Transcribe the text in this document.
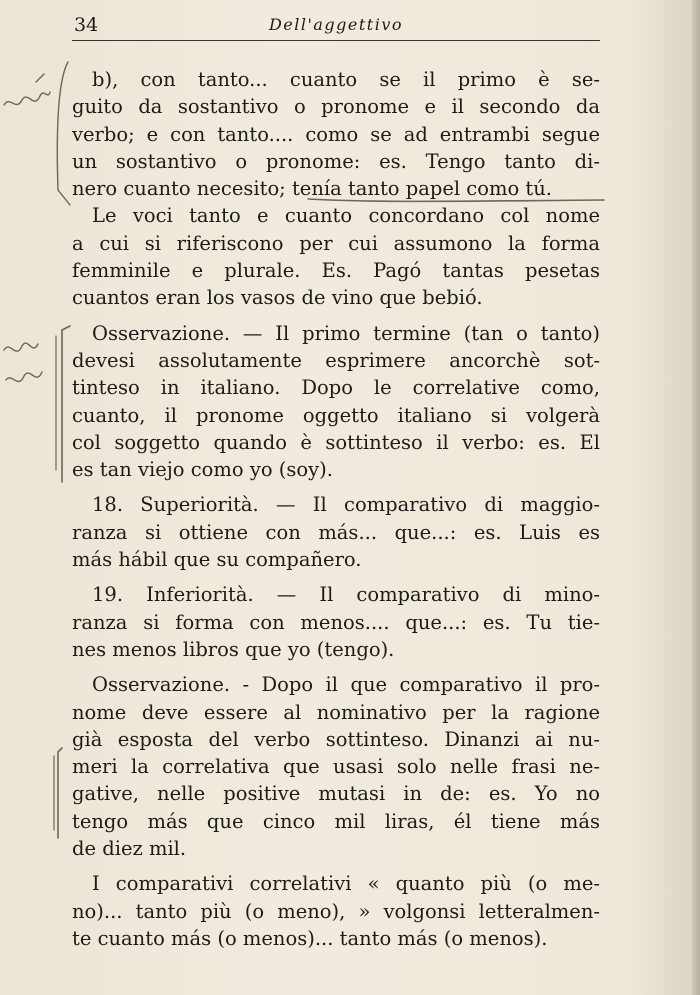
34	Dell'aggettivo

b), con tanto... cuanto se il primo è se-
guito da sostantivo o pronome e il secondo da
verbo; e con tanto.... como se ad entrambi segue
un sostantivo o pronome: es. Tengo tanto di-
nero cuanto necesito; tenía tanto papel como tú.

Le voci tanto e cuanto concordano col nome
a cui si riferiscono per cui assumono la forma
femminile e plurale. Es. Pagó tantas pesetas
cuantos eran los vasos de vino que bebió.

Osservazione. — Il primo termine (tan o tanto)
devesi assolutamente esprimere ancorchè sot-
tinteso in italiano. Dopo le correlative como,
cuanto, il pronome oggetto italiano si volgerà
col soggetto quando è sottinteso il verbo: es. El
es tan viejo como yo (soy).

18. Superiorità. — Il comparativo di maggio-
ranza si ottiene con más... que...: es. Luis es
más hábil que su compañero.

19. Inferiorità. — Il comparativo di mino-
ranza si forma con menos.... que...: es. Tu tie-
nes menos libros que yo (tengo).

Osservazione. - Dopo il que comparativo il pro-
nome deve essere al nominativo per la ragione
già esposta del verbo sottinteso. Dinanzi ai nu-
meri la correlativa que usasi solo nelle frasi ne-
gative, nelle positive mutasi in de: es. Yo no
tengo más que cinco mil liras, él tiene más
de diez mil.

I comparativi correlativi « quanto più (o me-
no)... tanto più (o meno), » volgonsi letteralmen-
te cuanto más (o menos)... tanto más (o menos).
